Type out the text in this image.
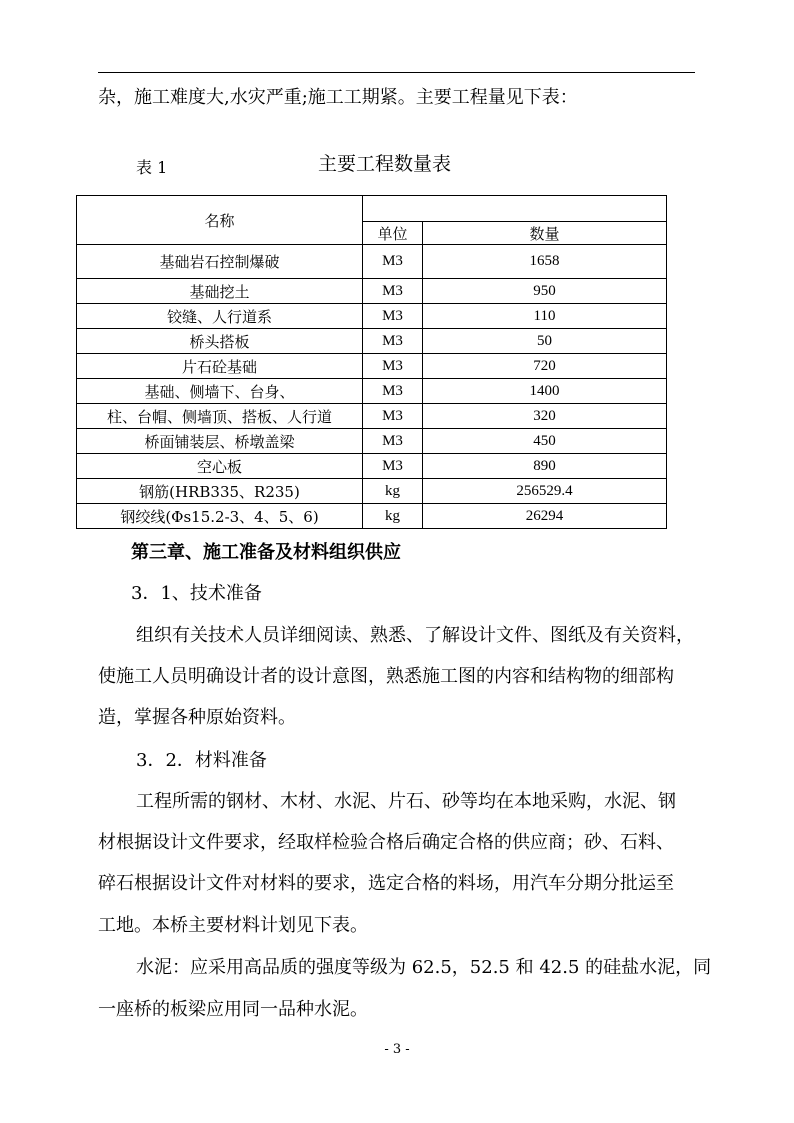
杂，施工难度大,水灾严重;施工工期紧。主要工程量见下表：
表 1	主要工程数量表
名称		
	单位	数量
基础岩石控制爆破	M3	1658
基础挖土	M3	950
铰缝、人行道系	M3	110
桥头搭板	M3	50
片石砼基础	M3	720
基础、侧墙下、台身、	M3	1400
柱、台帽、侧墙顶、搭板、人行道	M3	320
桥面铺装层、桥墩盖梁	M3	450
空心板	M3	890
钢筋(HRB335、R235)	kg	256529.4
钢绞线(Φs15.2-3、4、5、6)	kg	26294
第三章、施工准备及材料组织供应
3．1、技术准备
组织有关技术人员详细阅读、熟悉、了解设计文件、图纸及有关资料，
使施工人员明确设计者的设计意图，熟悉施工图的内容和结构物的细部构
造，掌握各种原始资料。
3．2．材料准备
工程所需的钢材、木材、水泥、片石、砂等均在本地采购，水泥、钢
材根据设计文件要求，经取样检验合格后确定合格的供应商；砂、石料、
碎石根据设计文件对材料的要求，选定合格的料场，用汽车分期分批运至
工地。本桥主要材料计划见下表。
水泥：应采用高品质的强度等级为 62.5，52.5 和 42.5 的硅盐水泥，同
一座桥的板梁应用同一品种水泥。
- 3 -
